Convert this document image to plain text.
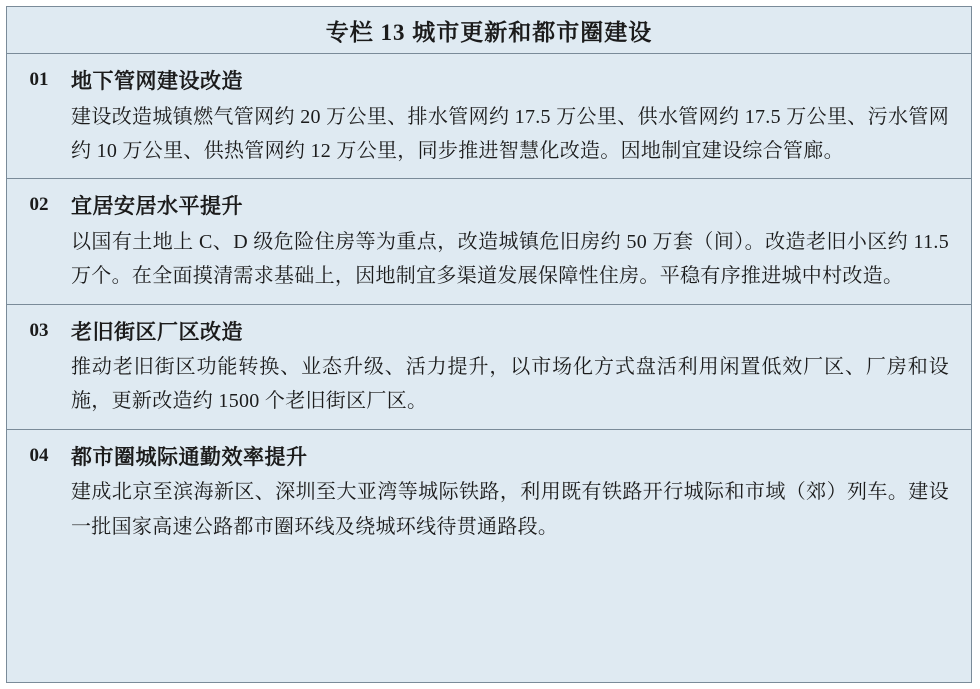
专栏 13 城市更新和都市圈建设
01	地下管网建设改造
建设改造城镇燃气管网约 20 万公里、排水管网约 17.5 万公里、供水管网约 17.5 万公里、污水管网约 10 万公里、供热管网约 12 万公里，同步推进智慧化改造。因地制宜建设综合管廊。
02	宜居安居水平提升
以国有土地上 C、D 级危险住房等为重点，改造城镇危旧房约 50 万套（间）。改造老旧小区约 11.5 万个。在全面摸清需求基础上，因地制宜多渠道发展保障性住房。平稳有序推进城中村改造。
03	老旧街区厂区改造
推动老旧街区功能转换、业态升级、活力提升，以市场化方式盘活利用闲置低效厂区、厂房和设施，更新改造约 1500 个老旧街区厂区。
04	都市圈城际通勤效率提升
建成北京至滨海新区、深圳至大亚湾等城际铁路，利用既有铁路开行城际和市域（郊）列车。建设一批国家高速公路都市圈环线及绕城环线待贯通路段。
